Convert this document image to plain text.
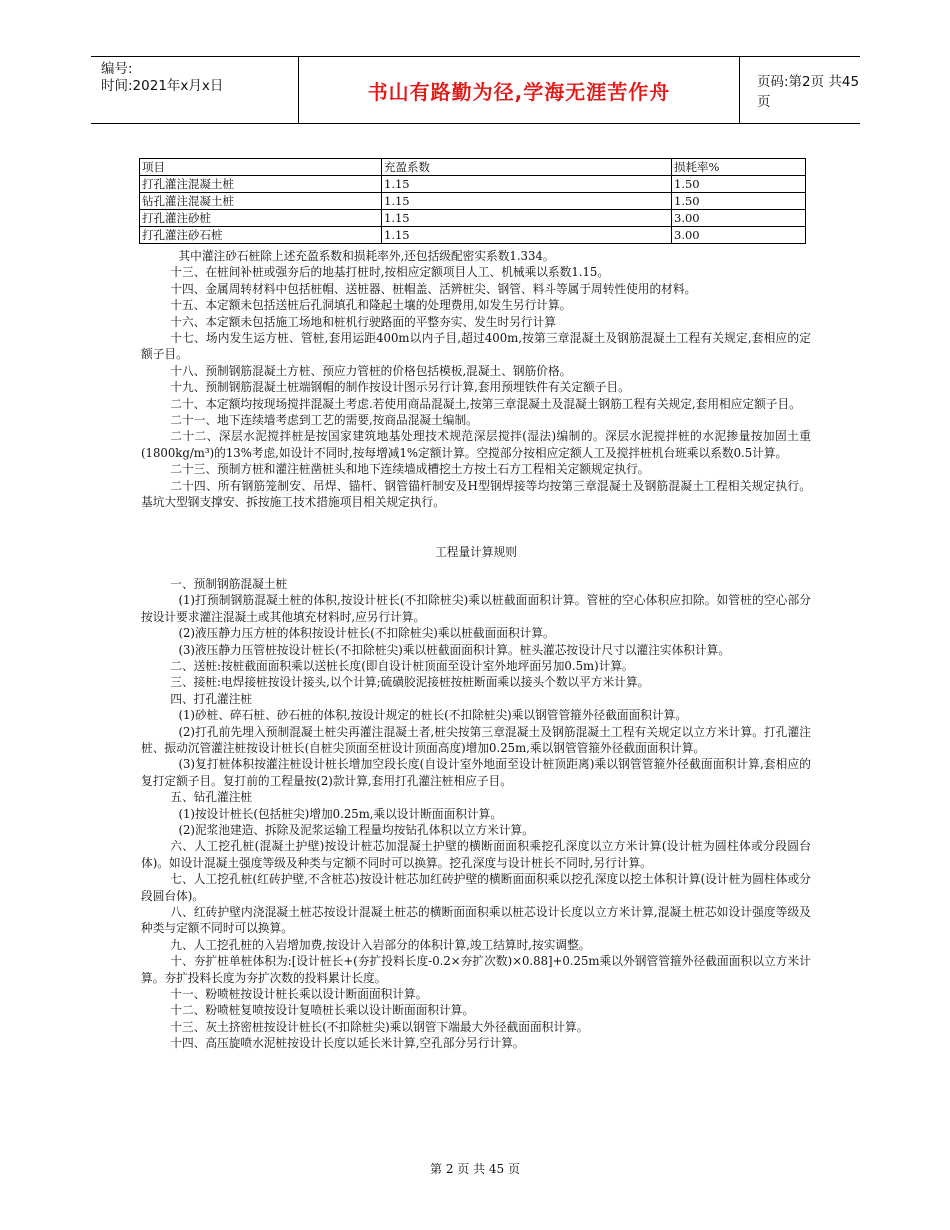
编号:
时间:2021年x月x日	书山有路勤为径,学海无涯苦作舟	页码:第2页 共45页
项目	充盈系数	损耗率%
打孔灌注混凝土桩	1.15	1.50
钻孔灌注混凝土桩	1.15	1.50
打孔灌注砂桩	1.15	3.00
打孔灌注砂石桩	1.15	3.00

其中灌注砂石桩除上述充盈系数和损耗率外,还包括级配密实系数1.334。

十三、在桩间补桩或强夯后的地基打桩时,按相应定额项目人工、机械乘以系数1.15。

十四、金属周转材料中包括桩帽、送桩器、桩帽盖、活辨桩尖、钢管、料斗等属于周转性使用的材料。

十五、本定额未包括送桩后孔洞填孔和隆起土壤的处理费用,如发生另行计算。

十六、本定额未包括施工场地和桩机行驶路面的平整夯实、发生时另行计算

十七、场内发生运方桩、管桩,套用运距400m以内子目,超过400m,按第三章混凝土及钢筋混凝土工程有关规定,套相应的定额子目。

十八、预制钢筋混凝土方桩、预应力管桩的价格包括模板,混凝土、钢筋价格。

十九、预制钢筋混凝土桩端钢帽的制作按设计图示另行计算,套用预埋铁件有关定额子目。

二十、本定额均按现场搅拌混凝土考虑.若使用商品混凝土,按第三章混凝土及混凝土钢筋工程有关规定,套用相应定额子目。

二十一、地下连续墙考虑到工艺的需要,按商品混凝土编制。

二十二、深层水泥搅拌桩是按国家建筑地基处理技术规范深层搅拌(湿法)编制的。深层水泥搅拌桩的水泥掺量按加固土重(1800kg/m³)的13%考虑,如设计不同时,按每增减1%定额计算。空搅部分按相应定额人工及搅拌桩机台班乘以系数0.5计算。

二十三、预制方桩和灌注桩凿桩头和地下连续墙成槽挖土方按土石方工程相关定额规定执行。

二十四、所有钢筋笼制安、吊焊、锚杆、钢管锚杆制安及H型钢焊接等均按第三章混凝土及钢筋混凝土工程相关规定执行。基坑大型钢支撑安、拆按施工技术措施项目相关规定执行。

工程量计算规则

一、预制钢筋混凝土桩

(1)打预制钢筋混凝土桩的体积,按设计桩长(不扣除桩尖)乘以桩截面面积计算。管桩的空心体积应扣除。如管桩的空心部分按设计要求灌注混凝土或其他填充材料时,应另行计算。

(2)液压静力压方桩的体积按设计桩长(不扣除桩尖)乘以桩截面面积计算。

(3)液压静力压管桩按设计桩长(不扣除桩尖)乘以桩截面面积计算。桩头灌芯按设计尺寸以灌注实体积计算。

二、送桩:按桩截面面积乘以送桩长度(即自设计桩顶面至设计室外地坪面另加0.5m)计算。

三、接桩:电焊接桩按设计接头,以个计算;硫磺胶泥接桩按桩断面乘以接头个数以平方米计算。

四、打孔灌注桩

(1)砂桩、碎石桩、砂石桩的体积,按设计规定的桩长(不扣除桩尖)乘以钢管管箍外径截面面积计算。

(2)打孔前先埋入预制混凝土桩尖再灌注混凝土者,桩尖按第三章混凝土及钢筋混凝土工程有关规定以立方米计算。打孔灌注桩、振动沉管灌注桩按设计桩长(自桩尖顶面至桩设计顶面高度)增加0.25m,乘以钢管管箍外径截面面积计算。

(3)复打桩体积按灌注桩设计桩长增加空段长度(自设计室外地面至设计桩顶距离)乘以钢管管箍外径截面面积计算,套相应的复打定额子目。复打前的工程量按(2)款计算,套用打孔灌注桩相应子目。

五、钻孔灌注桩

(1)按设计桩长(包括桩尖)增加0.25m,乘以设计断面面积计算。

(2)泥浆池建造、拆除及泥浆运输工程量均按钻孔体积以立方米计算。

六、人工挖孔桩(混凝土护壁)按设计桩芯加混凝土护壁的横断面面积乘挖孔深度以立方米计算(设计桩为圆柱体或分段圆台体)。如设计混凝土强度等级及种类与定额不同时可以换算。挖孔深度与设计桩长不同时,另行计算。

七、人工挖孔桩(红砖护壁,不含桩芯)按设计桩芯加红砖护壁的横断面面积乘以挖孔深度以挖土体积计算(设计桩为圆柱体或分段圆台体)。

八、红砖护壁内浇混凝土桩芯按设计混凝土桩芯的横断面面积乘以桩芯设计长度以立方米计算,混凝土桩芯如设计强度等级及种类与定额不同时可以换算。

九、人工挖孔桩的入岩增加费,按设计入岩部分的体积计算,竣工结算时,按实调整。

十、夯扩桩单桩体积为:[设计桩长+(夯扩投料长度-0.2×夯扩次数)×0.88]+0.25m乘以外钢管管箍外径截面面积以立方米计算。夯扩投料长度为夯扩次数的投料累计长度。

十一、粉喷桩按设计桩长乘以设计断面面积计算。

十二、粉喷桩复喷按设计复喷桩长乘以设计断面面积计算。

十三、灰土挤密桩按设计桩长(不扣除桩尖)乘以钢管下端最大外径截面面积计算。

十四、高压旋喷水泥桩按设计长度以延长米计算,空孔部分另行计算。

第 2 页 共 45 页
